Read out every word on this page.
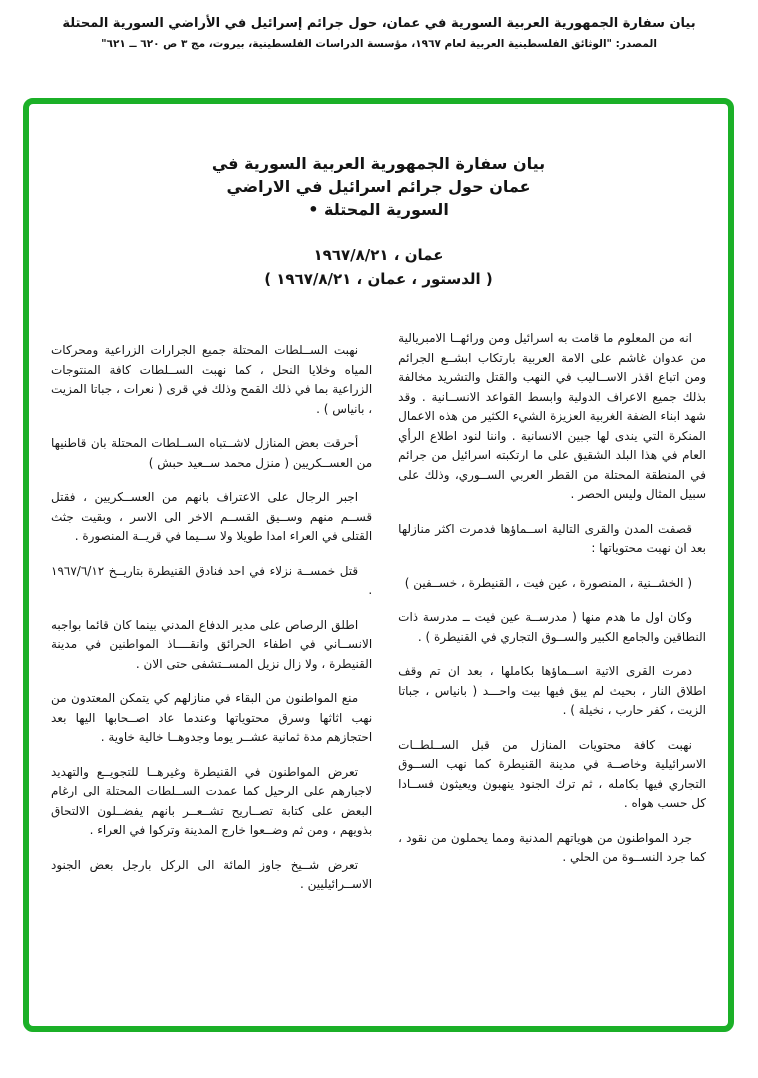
بيان سفارة الجمهورية العربية السورية في عمان، حول جرائم إسرائيل في الأراضي السورية المحتلة
المصدر: "الوثائق الفلسطينية العربية لعام ١٩٦٧، مؤسسة الدراسات الفلسطينية، بيروت، مج ٣ ص ٦٢٠ ــ ٦٢١"
بيان سفارة الجمهورية العربية السورية في
عمان حول جرائم اسرائيل في الاراضي
السورية المحتلة •
عمان ، ١٩٦٧/٨/٢١
( الدستور ، عمان ، ١٩٦٧/٨/٢١ )

انه من المعلوم ما قامت به اسرائيل ومن ورائهــا الامبريالية من عدوان غاشم على الامة العربية بارتكاب ابشــع الجرائم ومن اتباع اقذر الاســاليب في النهب والقتل والتشريد مخالفة بذلك جميع الاعراف الدولية وابسط القواعد الانســانية . وقد شهد ابناء الضفة الغربية العزيزة الشيء الكثير من هذه الاعمال المنكرة التي يندى لها جبين الانسانية . واننا لنود اطلاع الرأي العام في هذا البلد الشقيق على ما ارتكبته اسرائيل من جرائم في المنطقة المحتلة من القطر العربي الســوري، وذلك على سبيل المثال وليس الحصر .

قصفت المدن والقرى التالية اســماؤها فدمرت اكثر منازلها بعد ان نهبت محتوياتها :

( الخشــنية ، المنصورة ، عين فيت ، القنيطرة ، خســفين )

وكان اول ما هدم منها ( مدرســة عين فيت ــ مدرسة ذات النطاقين والجامع الكبير والســوق التجاري في القنيطرة ) .

دمرت القرى الاتية اســماؤها بكاملها ، بعد ان تم وقف اطلاق النار ، بحيث لم يبق فيها بيت واحـــد ( بانياس ، جباتا الزيت ، كفر حارب ، نخيلة ) .

نهبت كافة محتويات المنازل من قبل الســلطــات الاسرائيلية وخاصــة في مدينة القنيطرة كما نهب الســوق التجاري فيها بكامله ، ثم ترك الجنود ينهبون ويعيثون فســادا كل حسب هواه .

جرد المواطنون من هوياتهم المدنية ومما يحملون من نقود ، كما جرد النســوة من الحلي .

نهبت الســلطات المحتلة جميع الجرارات الزراعية ومحركات المياه وخلايا النحل ، كما نهبت الســلطات كافة المنتوجات الزراعية بما في ذلك القمح وذلك في قرى ( نعرات ، جباتا المزيت ، بانياس ) .

أحرقت بعض المنازل لاشــتباه الســلطات المحتلة بان قاطنيها من العســكريين ( منزل محمد ســعيد حبش )

اجبر الرجال على الاعتراف بانهم من العســكريين ، فقتل قســم منهم وســيق القســم الاخر الى الاسر ، وبقيت جثث القتلى في العراء امدا طويلا ولا ســيما في قريــة المنصورة .

قتل خمســة نزلاء في احد فنادق القنيطرة بتاريــخ ١٩٦٧/٦/١٢ .

اطلق الرصاص على مدير الدفاع المدني بينما كان قائما بواجبه الانســاني في اطفاء الحرائق وانقــــاذ المواطنين في مدينة القنيطرة ، ولا زال نزيل المســتشفى حتى الان .

منع المواطنون من البقاء في منازلهم كي يتمكن المعتدون من نهب اثاثها وسرق محتوياتها وعندما عاد اصــحابها اليها بعد احتجازهم مدة ثمانية عشــر يوما وجدوهــا خالية خاوية .

تعرض المواطنون في القنيطرة وغيرهــا للتجويــع والتهديد لاجبارهم على الرحيل كما عمدت الســلطات المحتلة الى ارغام البعض على كتابة تصــاريح تشــعــر بانهم يفضــلون الالتحاق بذويهم ، ومن ثم وضــعوا خارج المدينة وتركوا في العراء .

تعرض شــيخ جاوز المائة الى الركل بارجل بعض الجنود الاســرائيليين .
